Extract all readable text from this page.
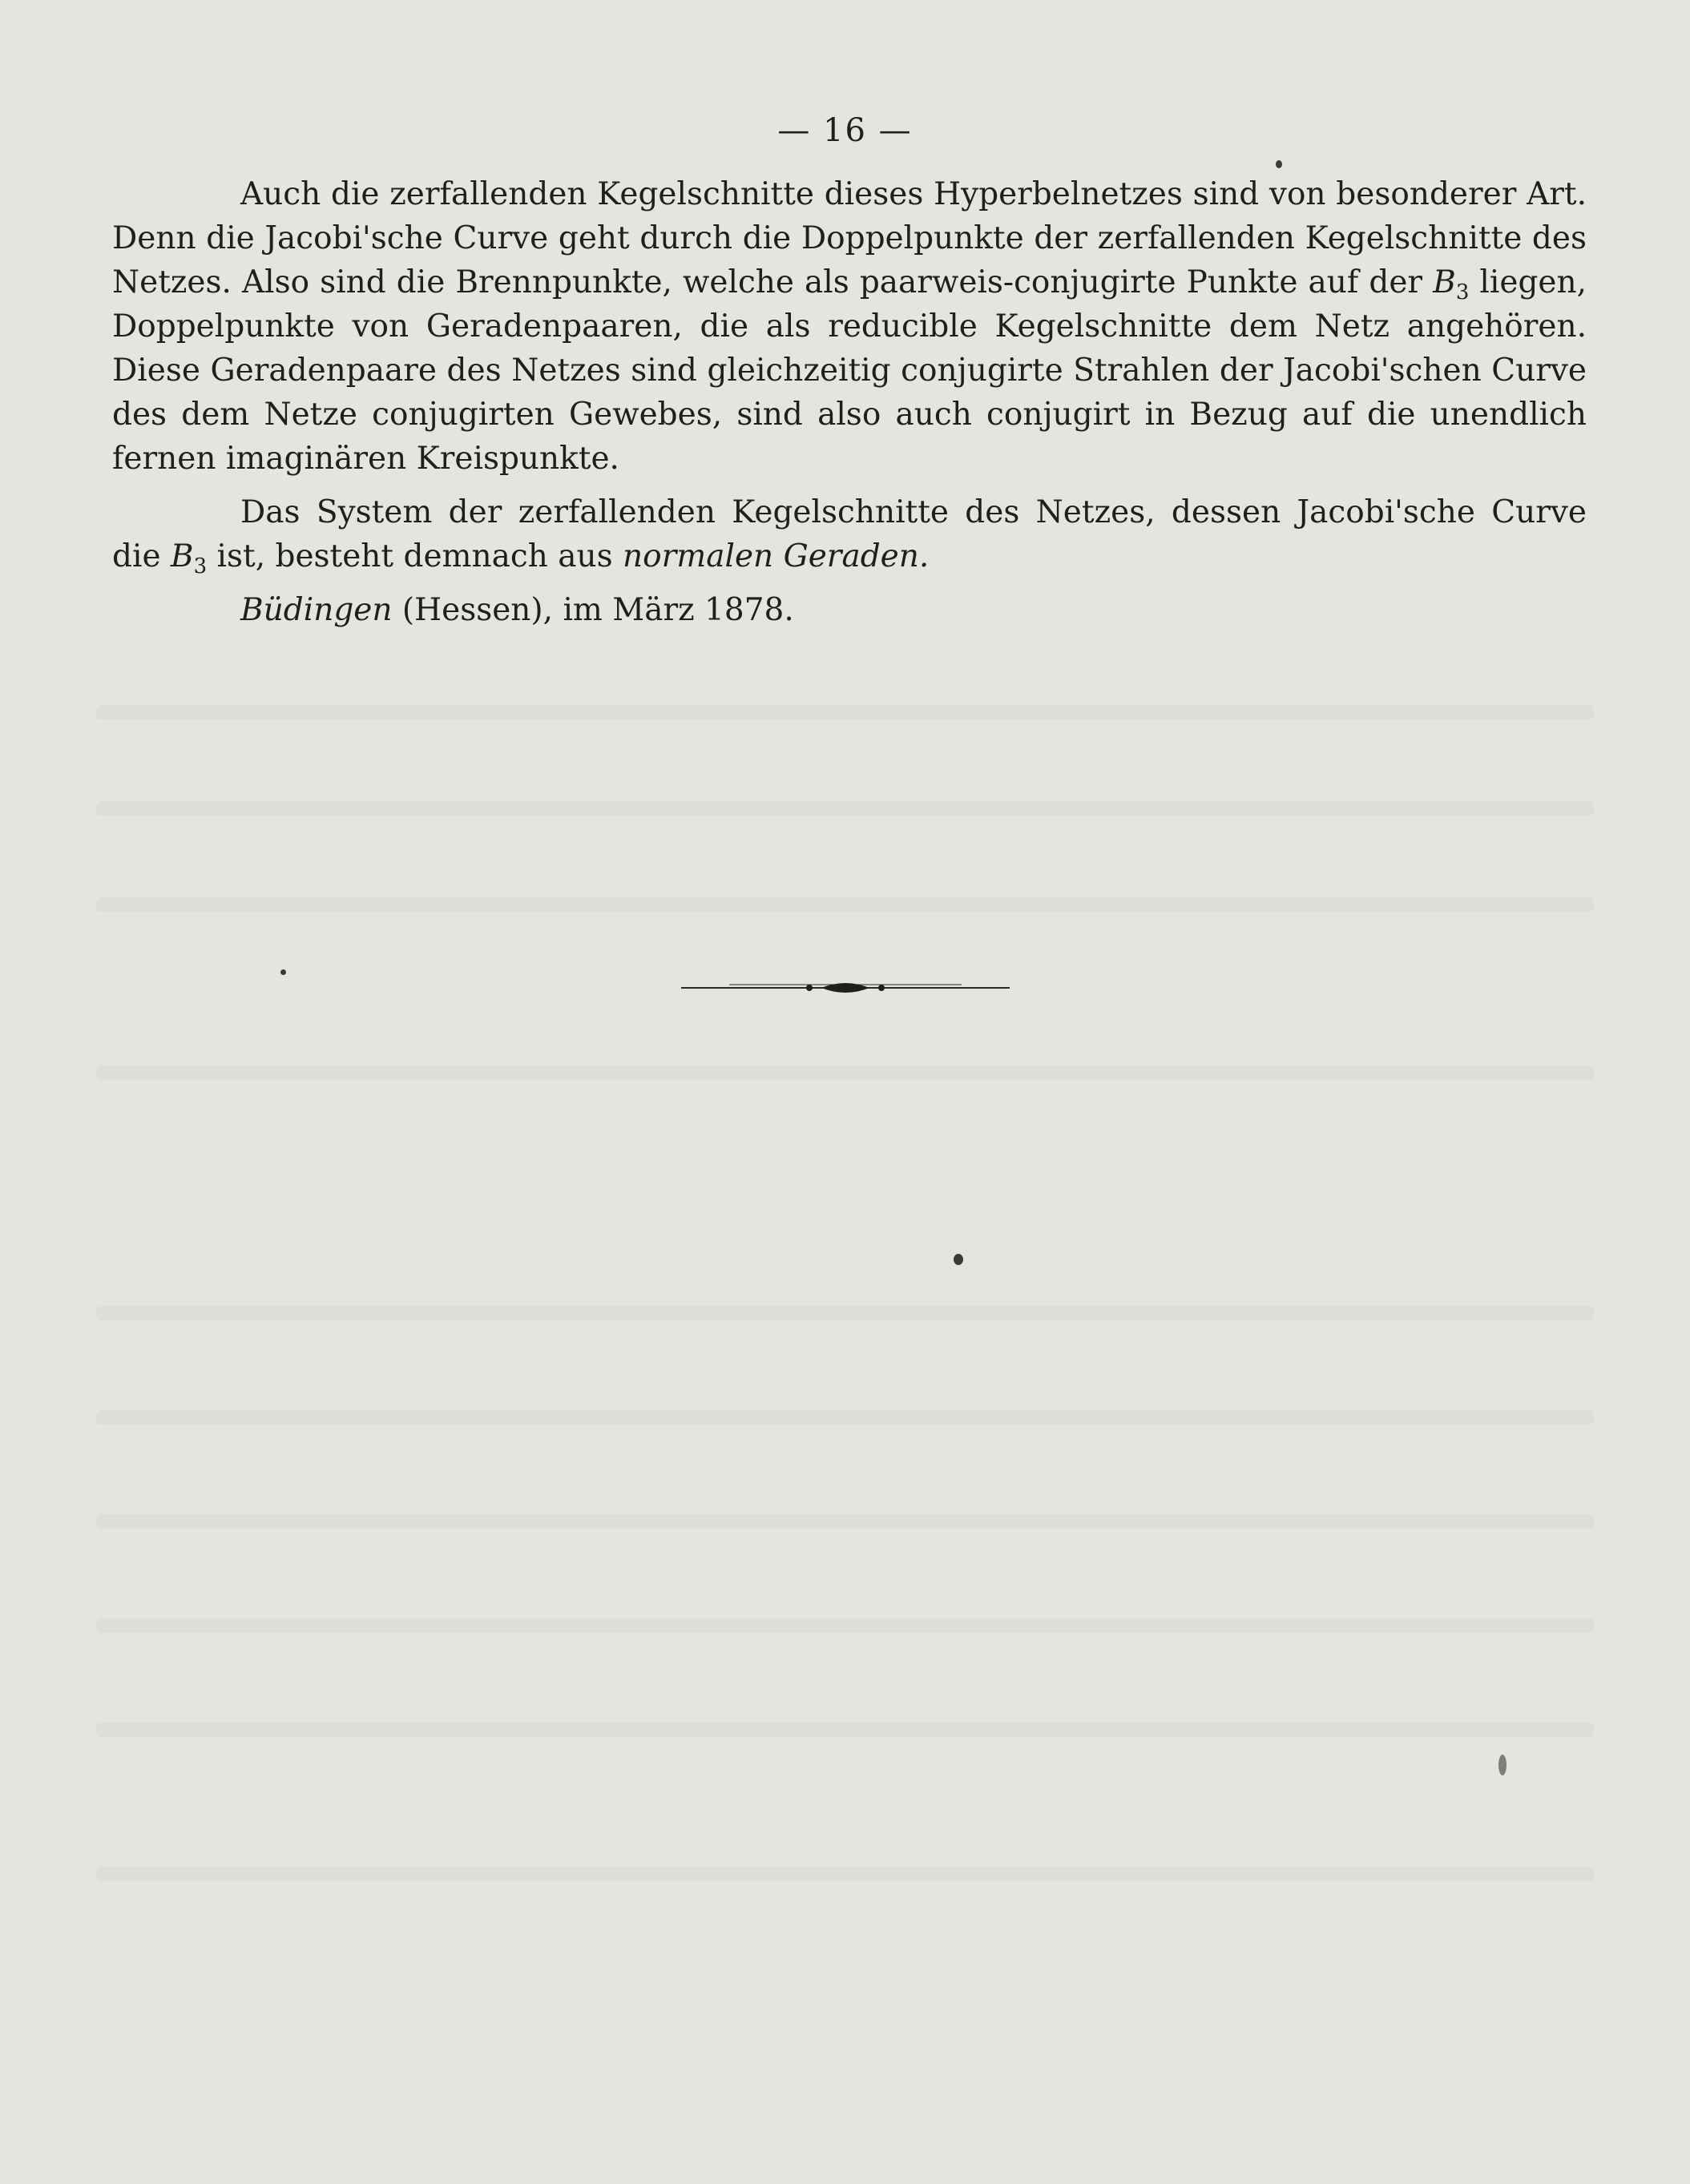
— 16 —

Auch die zerfallenden Kegelschnitte dieses Hyperbelnetzes sind von besonderer Art. Denn die Jacobi'sche Curve geht durch die Doppelpunkte der zerfallenden Kegelschnitte des Netzes. Also sind die Brennpunkte, welche als paarweis-conjugirte Punkte auf der $B_3$ liegen, Doppelpunkte von Geradenpaaren, die als reducible Kegelschnitte dem Netz angehören. Diese Geradenpaare des Netzes sind gleichzeitig conjugirte Strahlen der Jacobi'schen Curve des dem Netze conjugirten Gewebes, sind also auch conjugirt in Bezug auf die unendlich fernen imaginären Kreispunkte.

Das System der zerfallenden Kegelschnitte des Netzes, dessen Jacobi'sche Curve die $B_3$ ist, besteht demnach aus normalen Geraden.

Büdingen (Hessen), im März 1878.
